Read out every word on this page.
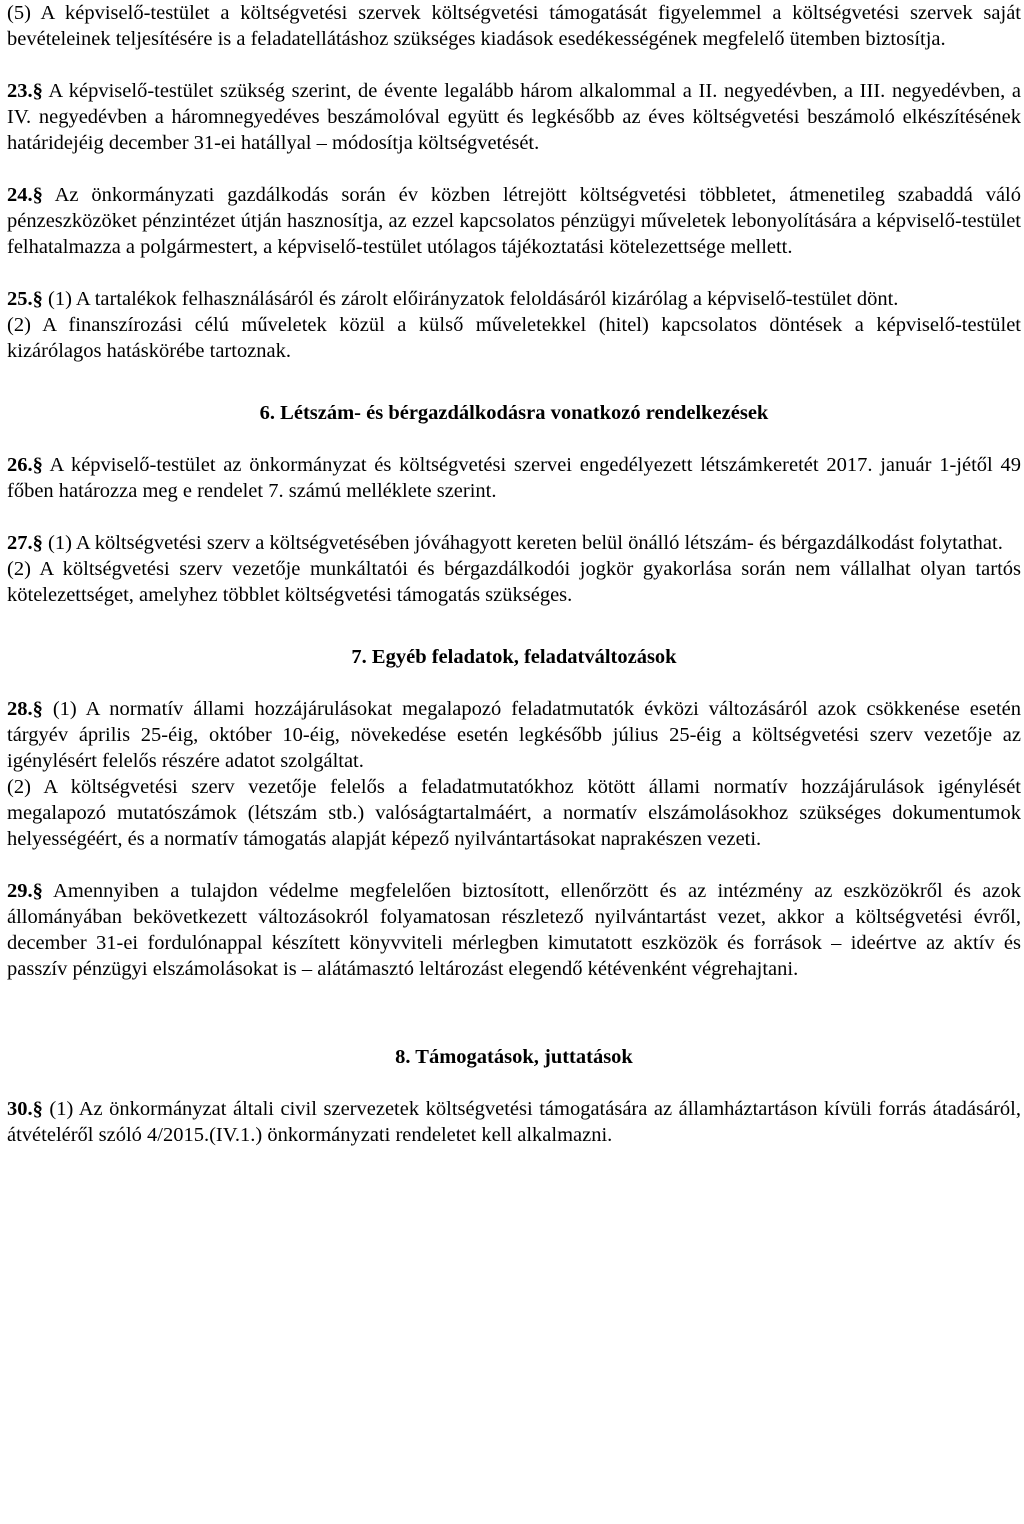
(5) A képviselő-testület a költségvetési szervek költségvetési támogatását figyelemmel a költségvetési szervek saját bevételeinek teljesítésére is a feladatellátáshoz szükséges kiadások esedékességének megfelelő ütemben biztosítja.

23.§ A képviselő-testület szükség szerint, de évente legalább három alkalommal a II. negyedévben, a III. negyedévben, a IV. negyedévben a háromnegyedéves beszámolóval együtt és legkésőbb az éves költségvetési beszámoló elkészítésének határidejéig december 31-ei hatállyal – módosítja költségvetését.

24.§ Az önkormányzati gazdálkodás során év közben létrejött költségvetési többletet, átmenetileg szabaddá váló pénzeszközöket pénzintézet útján hasznosítja, az ezzel kapcsolatos pénzügyi műveletek lebonyolítására a képviselő-testület felhatalmazza a polgármestert, a képviselő-testület utólagos tájékoztatási kötelezettsége mellett.

25.§ (1) A tartalékok felhasználásáról és zárolt előirányzatok feloldásáról kizárólag a képviselő-testület dönt.

(2) A finanszírozási célú műveletek közül a külső műveletekkel (hitel) kapcsolatos döntések a képviselő-testület kizárólagos hatáskörébe tartoznak.

6. Létszám- és bérgazdálkodásra vonatkozó rendelkezések

26.§ A képviselő-testület az önkormányzat és költségvetési szervei engedélyezett létszámkeretét 2017. január 1-jétől 49 főben határozza meg e rendelet 7. számú melléklete szerint.

27.§ (1) A költségvetési szerv a költségvetésében jóváhagyott kereten belül önálló létszám- és bérgazdálkodást folytathat.

(2) A költségvetési szerv vezetője munkáltatói és bérgazdálkodói jogkör gyakorlása során nem vállalhat olyan tartós kötelezettséget, amelyhez többlet költségvetési támogatás szükséges.

7. Egyéb feladatok, feladatváltozások

28.§ (1) A normatív állami hozzájárulásokat megalapozó feladatmutatók évközi változásáról azok csökkenése esetén tárgyév április 25-éig, október 10-éig, növekedése esetén legkésőbb július 25-éig a költségvetési szerv vezetője az igénylésért felelős részére adatot szolgáltat.

(2) A költségvetési szerv vezetője felelős a feladatmutatókhoz kötött állami normatív hozzájárulások igénylését megalapozó mutatószámok (létszám stb.) valóságtartalmáért, a normatív elszámolásokhoz szükséges dokumentumok helyességéért, és a normatív támogatás alapját képező nyilvántartásokat naprakészen vezeti.

29.§ Amennyiben a tulajdon védelme megfelelően biztosított, ellenőrzött és az intézmény az eszközökről és azok állományában bekövetkezett változásokról folyamatosan részletező nyilvántartást vezet, akkor a költségvetési évről, december 31-ei fordulónappal készített könyvviteli mérlegben kimutatott eszközök és források – ideértve az aktív és passzív pénzügyi elszámolásokat is – alátámasztó leltározást elegendő kétévenként végrehajtani.

8. Támogatások, juttatások

30.§ (1) Az önkormányzat általi civil szervezetek költségvetési támogatására az államháztartáson kívüli forrás átadásáról, átvételéről szóló 4/2015.(IV.1.) önkormányzati rendeletet kell alkalmazni.
